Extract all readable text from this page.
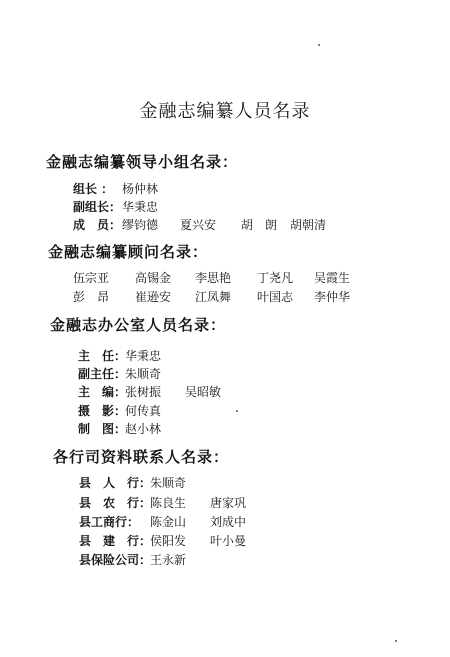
金融志编纂人员名录
金融志编纂领导小组名录：
组长 ： 杨仲林
副组长： 华秉忠
成　员： 缪钧德 夏兴安 胡　朗 胡朝清
金融志编纂顾问名录：
伍宗亚 高锡金 李思艳 丁尧凡 吴霞生
彭　昂 崔逊安 江凤舞 叶国志 李仲华
金融志办公室人员名录：
主　任：
华秉忠
副主任：
朱顺奇
主　编：
张树振 吴昭敏
摄　影：
何传真
制　图：
赵小林
各行司资料联系人名录：
县　人　行：
朱顺奇
县　农　行：
陈良生 唐家巩
县工商行： 陈金山 刘成中
县　建　行：
侯阳发 叶小曼
县保险公司：
王永新
